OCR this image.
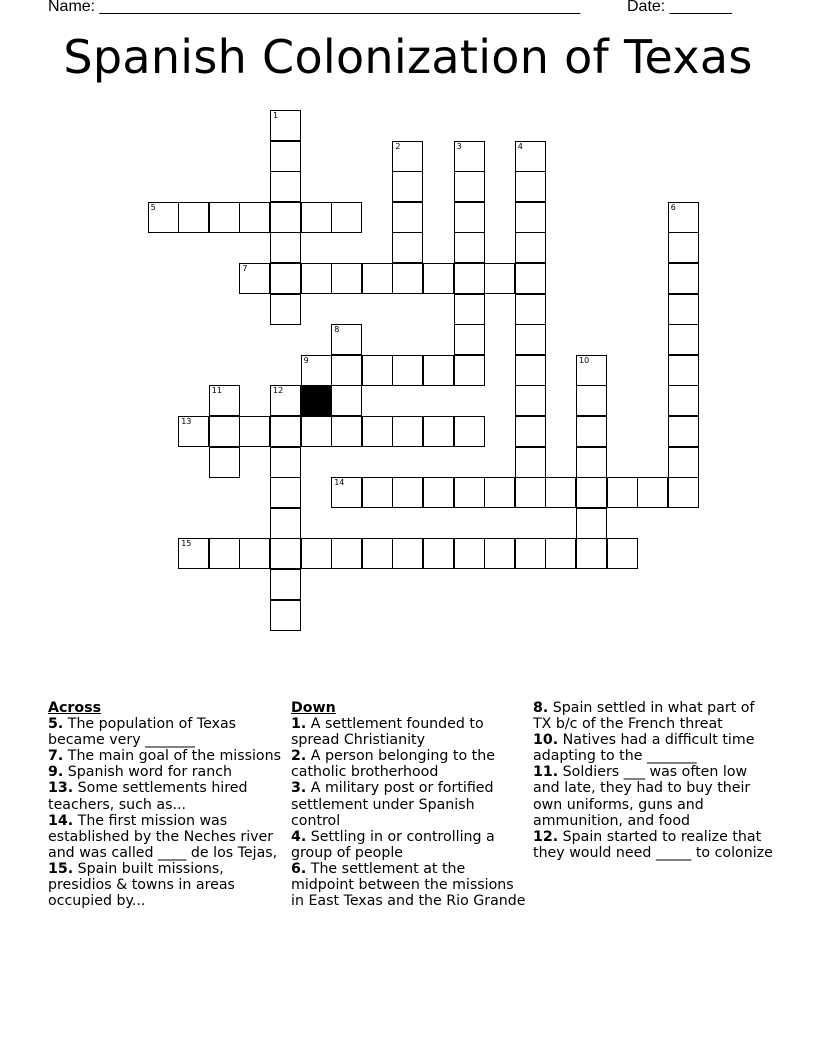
Name: ______________________________________________________	Date: _______
Spanish Colonization of Texas
1
2	3	4
5	6
7
8
9	10
11	12
13
14
15
Across
5. The population of Texas became very _______
7. The main goal of the missions
9. Spanish word for ranch
13. Some settlements hired teachers, such as...
14. The first mission was established by the Neches river and was called ____ de los Tejas,
15. Spain built missions, presidios & towns in areas occupied by...
Down
1. A settlement founded to spread Christianity
2. A person belonging to the catholic brotherhood
3. A military post or fortified settlement under Spanish control
4. Settling in or controlling a group of people
6. The settlement at the midpoint between the missions in East Texas and the Rio Grande
8. Spain settled in what part of TX b/c of the French threat
10. Natives had a difficult time adapting to the _______
11. Soldiers ___ was often low and late, they had to buy their own uniforms, guns and ammunition, and food
12. Spain started to realize that they would need _____ to colonize
